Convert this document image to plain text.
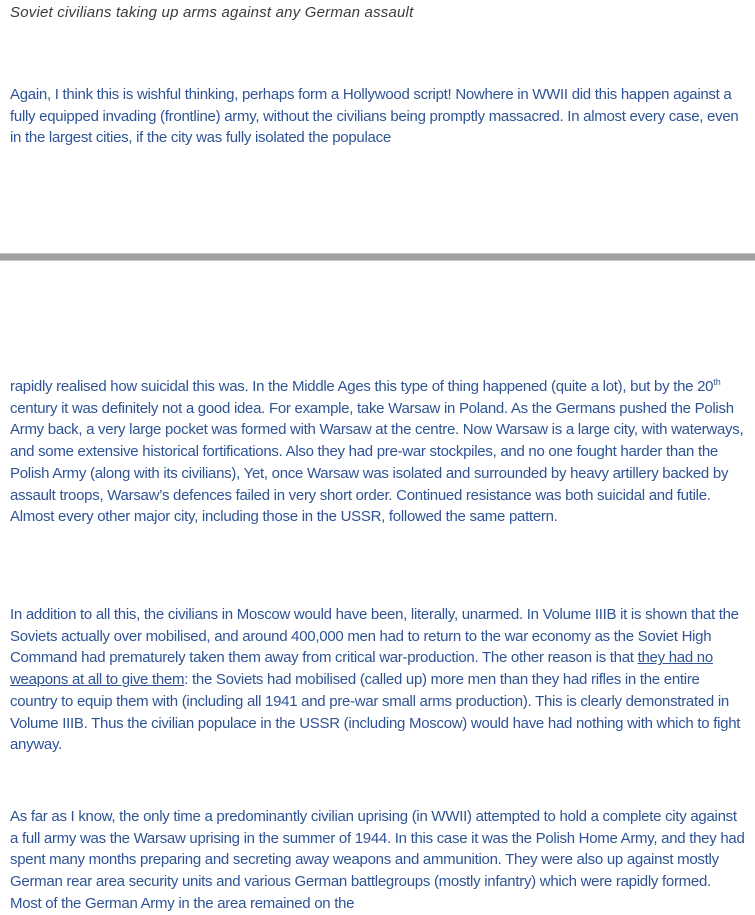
Soviet civilians taking up arms against any German assault
Again, I think this is wishful thinking, perhaps form a Hollywood script! Nowhere in WWII did this happen against a fully equipped invading (frontline) army, without the civilians being promptly massacred. In almost every case, even in the largest cities, if the city was fully isolated the populace
rapidly realised how suicidal this was. In the Middle Ages this type of thing happened (quite a lot), but by the 20th century it was definitely not a good idea. For example, take Warsaw in Poland. As the Germans pushed the Polish Army back, a very large pocket was formed with Warsaw at the centre. Now Warsaw is a large city, with waterways, and some extensive historical fortifications. Also they had pre-war stockpiles, and no one fought harder than the Polish Army (along with its civilians), Yet, once Warsaw was isolated and surrounded by heavy artillery backed by assault troops, Warsaw’s defences failed in very short order. Continued resistance was both suicidal and futile. Almost every other major city, including those in the USSR, followed the same pattern.
In addition to all this, the civilians in Moscow would have been, literally, unarmed. In Volume IIIB it is shown that the Soviets actually over mobilised, and around 400,000 men had to return to the war economy as the Soviet High Command had prematurely taken them away from critical war-production. The other reason is that they had no weapons at all to give them: the Soviets had mobilised (called up) more men than they had rifles in the entire country to equip them with (including all 1941 and pre-war small arms production). This is clearly demonstrated in Volume IIIB. Thus the civilian populace in the USSR (including Moscow) would have had nothing with which to fight anyway.
As far as I know, the only time a predominantly civilian uprising (in WWII) attempted to hold a complete city against a full army was the Warsaw uprising in the summer of 1944. In this case it was the Polish Home Army, and they had spent many months preparing and secreting away weapons and ammunition. They were also up against mostly German rear area security units and various German battlegroups (mostly infantry) which were rapidly formed. Most of the German Army in the area remained on the
